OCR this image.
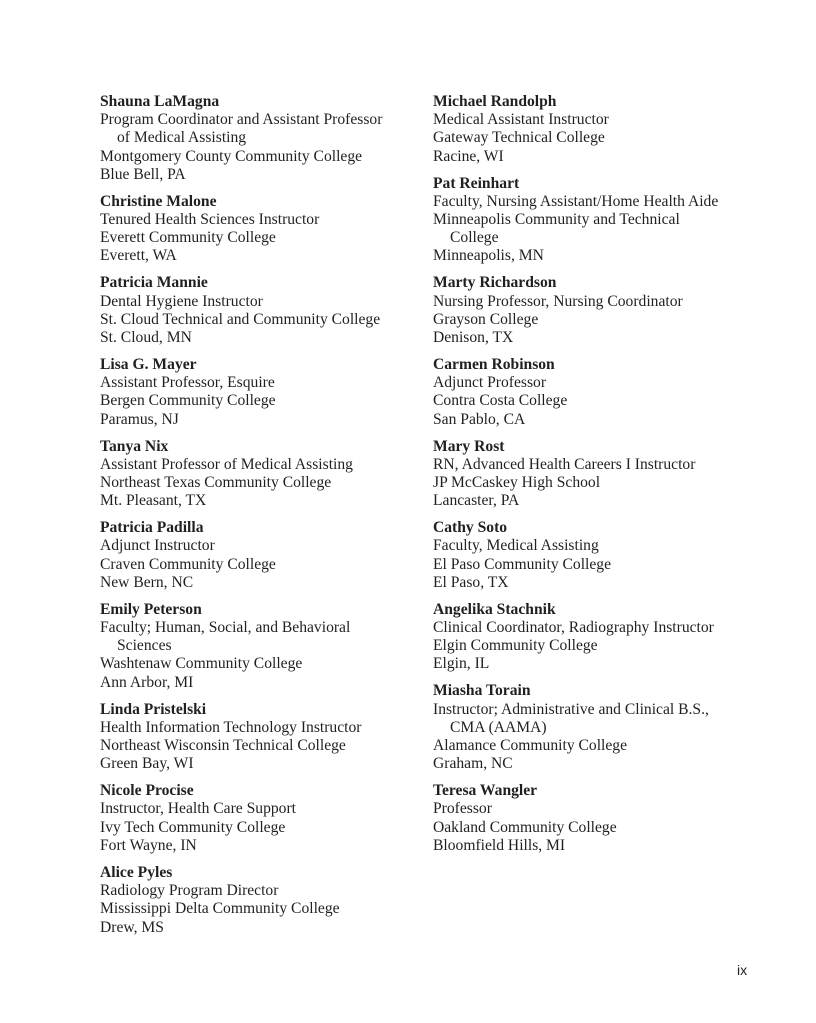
Shauna LaMagna
Program Coordinator and Assistant Professor
of Medical Assisting
Montgomery County Community College
Blue Bell, PA
Christine Malone
Tenured Health Sciences Instructor
Everett Community College
Everett, WA
Patricia Mannie
Dental Hygiene Instructor
St. Cloud Technical and Community College
St. Cloud, MN
Lisa G. Mayer
Assistant Professor, Esquire
Bergen Community College
Paramus, NJ
Tanya Nix
Assistant Professor of Medical Assisting
Northeast Texas Community College
Mt. Pleasant, TX
Patricia Padilla
Adjunct Instructor
Craven Community College
New Bern, NC
Emily Peterson
Faculty; Human, Social, and Behavioral
Sciences
Washtenaw Community College
Ann Arbor, MI
Linda Pristelski
Health Information Technology Instructor
Northeast Wisconsin Technical College
Green Bay, WI
Nicole Procise
Instructor, Health Care Support
Ivy Tech Community College
Fort Wayne, IN
Alice Pyles
Radiology Program Director
Mississippi Delta Community College
Drew, MS
Michael Randolph
Medical Assistant Instructor
Gateway Technical College
Racine, WI
Pat Reinhart
Faculty, Nursing Assistant/Home Health Aide
Minneapolis Community and Technical
College
Minneapolis, MN
Marty Richardson
Nursing Professor, Nursing Coordinator
Grayson College
Denison, TX
Carmen Robinson
Adjunct Professor
Contra Costa College
San Pablo, CA
Mary Rost
RN, Advanced Health Careers I Instructor
JP McCaskey High School
Lancaster, PA
Cathy Soto
Faculty, Medical Assisting
El Paso Community College
El Paso, TX
Angelika Stachnik
Clinical Coordinator, Radiography Instructor
Elgin Community College
Elgin, IL
Miasha Torain
Instructor; Administrative and Clinical B.S.,
CMA (AAMA)
Alamance Community College
Graham, NC
Teresa Wangler
Professor
Oakland Community College
Bloomfield Hills, MI
ix
